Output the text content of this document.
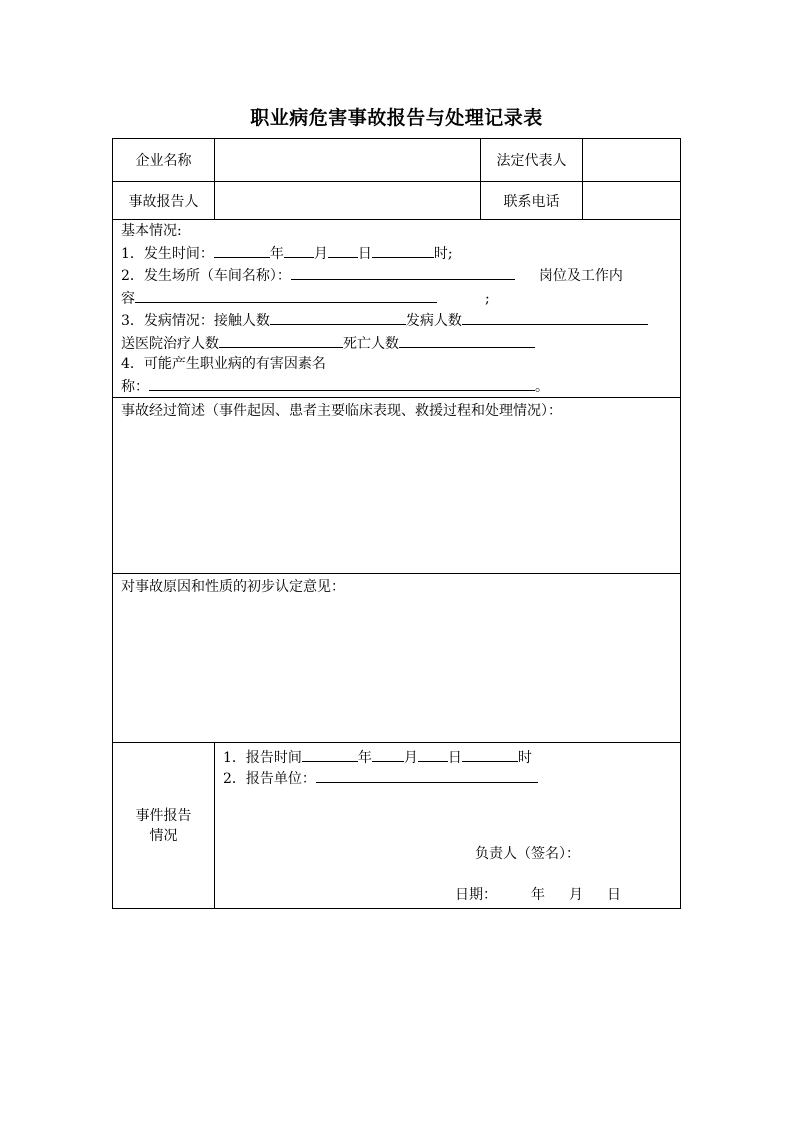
职业病危害事故报告与处理记录表
企业名称		法定代表人	
事故报告人		联系电话	

基本情况:
1．发生时间：	年 月 日	时;
2．发生场所（车间名称）：	岗位及工作内
容	;
3．发病情况：接触人数	发病人数
送医院治疗人数	死亡人数
4．可能产生职业病的有害因素名
称：	。

事故经过简述（事件起因、患者主要临床表现、救援过程和处理情况）：			

对事故原因和性质的初步认定意见：			

事件报告
情况

1．报告时间	年 月 日	时
2．报告单位：
负责人（签名）：
日期： 年 月 日
